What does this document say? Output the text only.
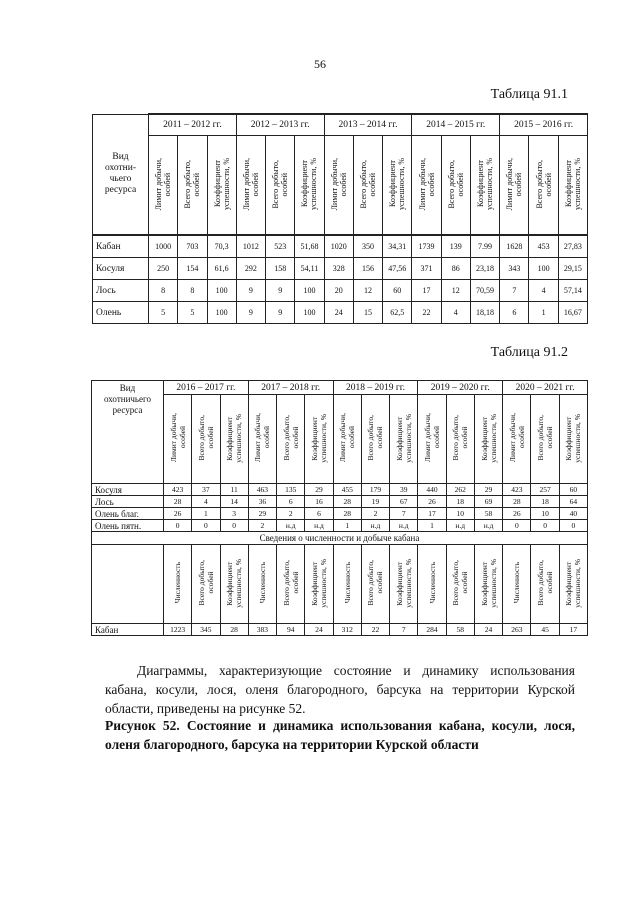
56
Таблица 91.1
Вид
охотни-
чьего
ресурса	2011 – 2012 гг.			2012 – 2013 гг.			2013 – 2014 гг.			2014 – 2015 гг.			2015 – 2016 гг.		
	Лимит добычи,
особей	Всего добыто,
особей	Коэффициент
успешности, %	Лимит добычи,
особей	Всего добыто,
особей	Коэффициент
успешности, %	Лимит добычи,
особей	Всего добыто,
особей	Коэффициент
успешности, %	Лимит добычи,
особей	Всего добыто,
особей	Коэффициент
успешности, %	Лимит добычи,
особей	Всего добыто,
особей	Коэффициент
успешности, %
Кабан	1000	703	70,3	1012	523	51,68	1020	350	34,31	1739	139	7.99	1628	453	27,83
Косуля	250	154	61,6	292	158	54,11	328	156	47,56	371	86	23,18	343	100	29,15
Лось	8	8	100	9	9	100	20	12	60	17	12	70,59	7	4	57,14
Олень	5	5	100	9	9	100	24	15	62,5	22	4	18,18	6	1	16,67
Таблица 91.2
Вид
охотничьего
ресурса	2016 – 2017 гг.			2017 – 2018 гг.			2018 – 2019 гг.			2019 – 2020 гг.			2020 – 2021 гг.		
	Лимит добычи,
особей	Всего добыто,
особей	Коэффициент
успешности, %	Лимит добычи,
особей	Всего добыто,
особей	Коэффициент
успешности, %	Лимит добычи,
особей	Всего добыто,
особей	Коэффициент
успешности, %	Лимит добычи,
особей	Всего добыто,
особей	Коэффициент
успешности, %	Лимит добычи,
особей	Всего добыто,
особей	Коэффициент
успешности, %
Косуля	423	37	11	463	135	29	455	179	39	440	262	29	423	257	60
Лось	28	4	14	36	6	16	28	19	67	26	18	69	28	18	64
Олень благ.	26	1	3	29	2	6	28	2	7	17	10	58	26	10	40
Олень пятн.	0	0	0	2	н.д	н.д	1	н.д	н.д	1	н.д	н.д	0	0	0
Сведения о численности и добыче кабана															
	Численность	Всего добыто,
особей	Коэффициент
успешности, %	Численность	Всего добыто,
особей	Коэффициент
успешности, %	Численность	Всего добыто,
особей	Коэффициент
успешности, %	Численность	Всего добыто,
особей	Коэффициент
успешности, %	Численность	Всего добыто,
особей	Коэффициент
успешности, %
Кабан	1223	345	28	383	94	24	312	22	7	284	58	24	263	45	17
Диаграммы, характеризующие состояние и динамику использования кабана, косули, лося, оленя благородного, барсука на территории Курской области, приведены на рисунке 52.
Рисунок 52. Состояние и динамика использования кабана, косули, лося, оленя благородного, барсука на территории Курской области
